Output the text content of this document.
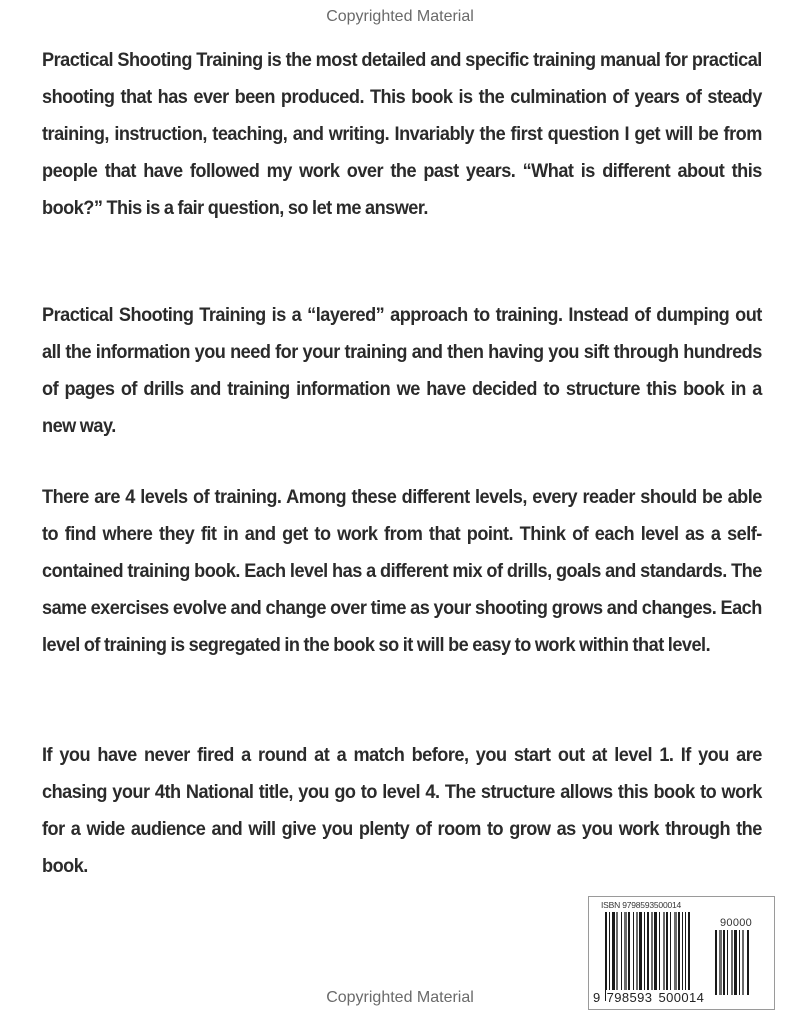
Copyrighted Material

Practical Shooting Training is the most detailed and specific training manual for practical shooting that has ever been produced. This book is the culmination of years of steady training, instruction, teaching, and writing. Invariably the first question I get will be from people that have followed my work over the past years. “What is different about this book?” This is a fair question, so let me answer.

Practical Shooting Training is a “layered” approach to training. Instead of dumping out all the information you need for your training and then having you sift through hundreds of pages of drills and training information we have decided to structure this book in a new way.

There are 4 levels of training. Among these different levels, every reader should be able to find where they fit in and get to work from that point. Think of each level as a self-contained training book. Each level has a different mix of drills, goals and standards. The same exercises evolve and change over time as your shooting grows and changes. Each level of training is segregated in the book so it will be easy to work within that level.

If you have never fired a round at a match before, you start out at level 1. If you are chasing your 4th National title, you go to level 4. The structure allows this book to work for a wide audience and will give you plenty of room to grow as you work through the book.

ISBN 9798593500014
9 798593 500014
90000
Copyrighted Material
